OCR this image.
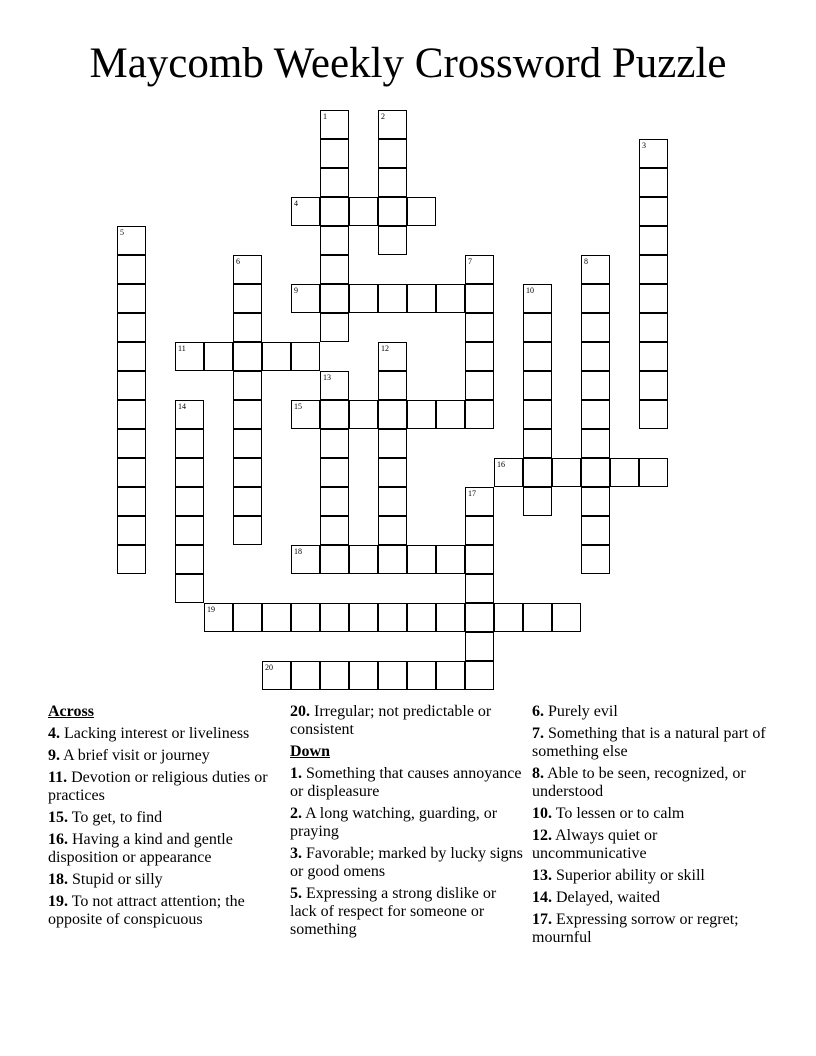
Maycomb Weekly Crossword Puzzle
1	2
3
4
5
6	7	8
9	10
11	12
13
14	15
16
17
18
19
20
Across
4. Lacking interest or liveliness
9. A brief visit or journey
11. Devotion or religious duties or practices
15. To get, to find
16. Having a kind and gentle disposition or appearance
18. Stupid or silly
19. To not attract attention; the opposite of conspicuous
20. Irregular; not predictable or consistent
Down
1. Something that causes annoyance or displeasure
2. A long watching, guarding, or praying
3. Favorable; marked by lucky signs or good omens
5. Expressing a strong dislike or lack of respect for someone or something
6. Purely evil
7. Something that is a natural part of something else
8. Able to be seen, recognized, or understood
10. To lessen or to calm
12. Always quiet or uncommunicative
13. Superior ability or skill
14. Delayed, waited
17. Expressing sorrow or regret; mournful
